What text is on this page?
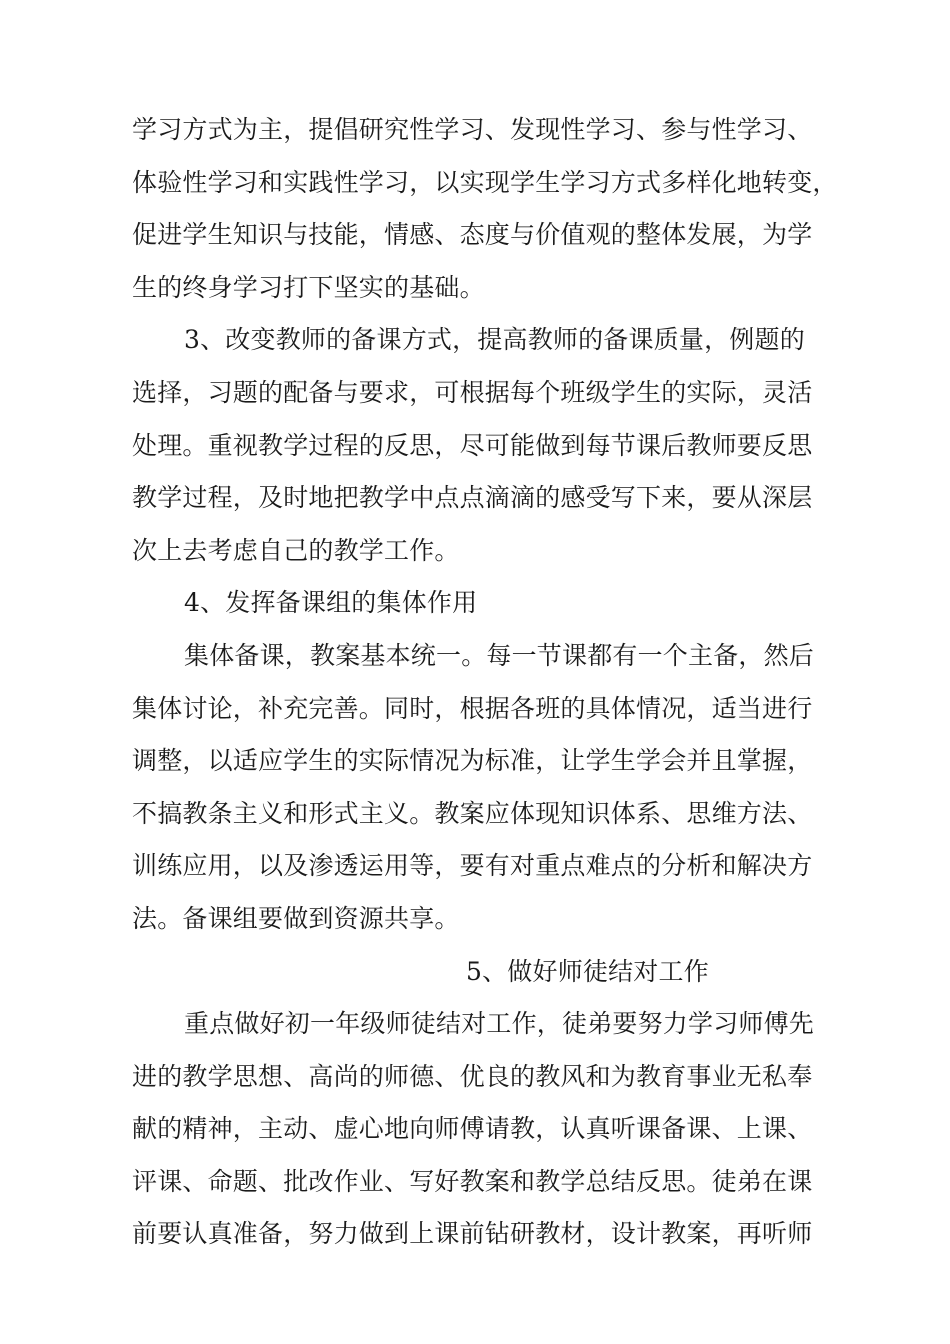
学习方式为主，提倡研究性学习、发现性学习、参与性学习、
体验性学习和实践性学习，以实现学生学习方式多样化地转变，
促进学生知识与技能，情感、态度与价值观的整体发展，为学
生的终身学习打下坚实的基础。
3、改变教师的备课方式，提高教师的备课质量，例题的
选择，习题的配备与要求，可根据每个班级学生的实际，灵活
处理。重视教学过程的反思，尽可能做到每节课后教师要反思
教学过程，及时地把教学中点点滴滴的感受写下来，要从深层
次上去考虑自己的教学工作。
4、发挥备课组的集体作用
集体备课，教案基本统一。每一节课都有一个主备，然后
集体讨论，补充完善。同时，根据各班的具体情况，适当进行
调整，以适应学生的实际情况为标准，让学生学会并且掌握，
不搞教条主义和形式主义。教案应体现知识体系、思维方法、
训练应用，以及渗透运用等，要有对重点难点的分析和解决方
法。备课组要做到资源共享。
5、做好师徒结对工作
重点做好初一年级师徒结对工作，徒弟要努力学习师傅先
进的教学思想、高尚的师德、优良的教风和为教育事业无私奉
献的精神，主动、虚心地向师傅请教，认真听课备课、上课、
评课、命题、批改作业、写好教案和教学总结反思。徒弟在课
前要认真准备，努力做到上课前钻研教材，设计教案，再听师
